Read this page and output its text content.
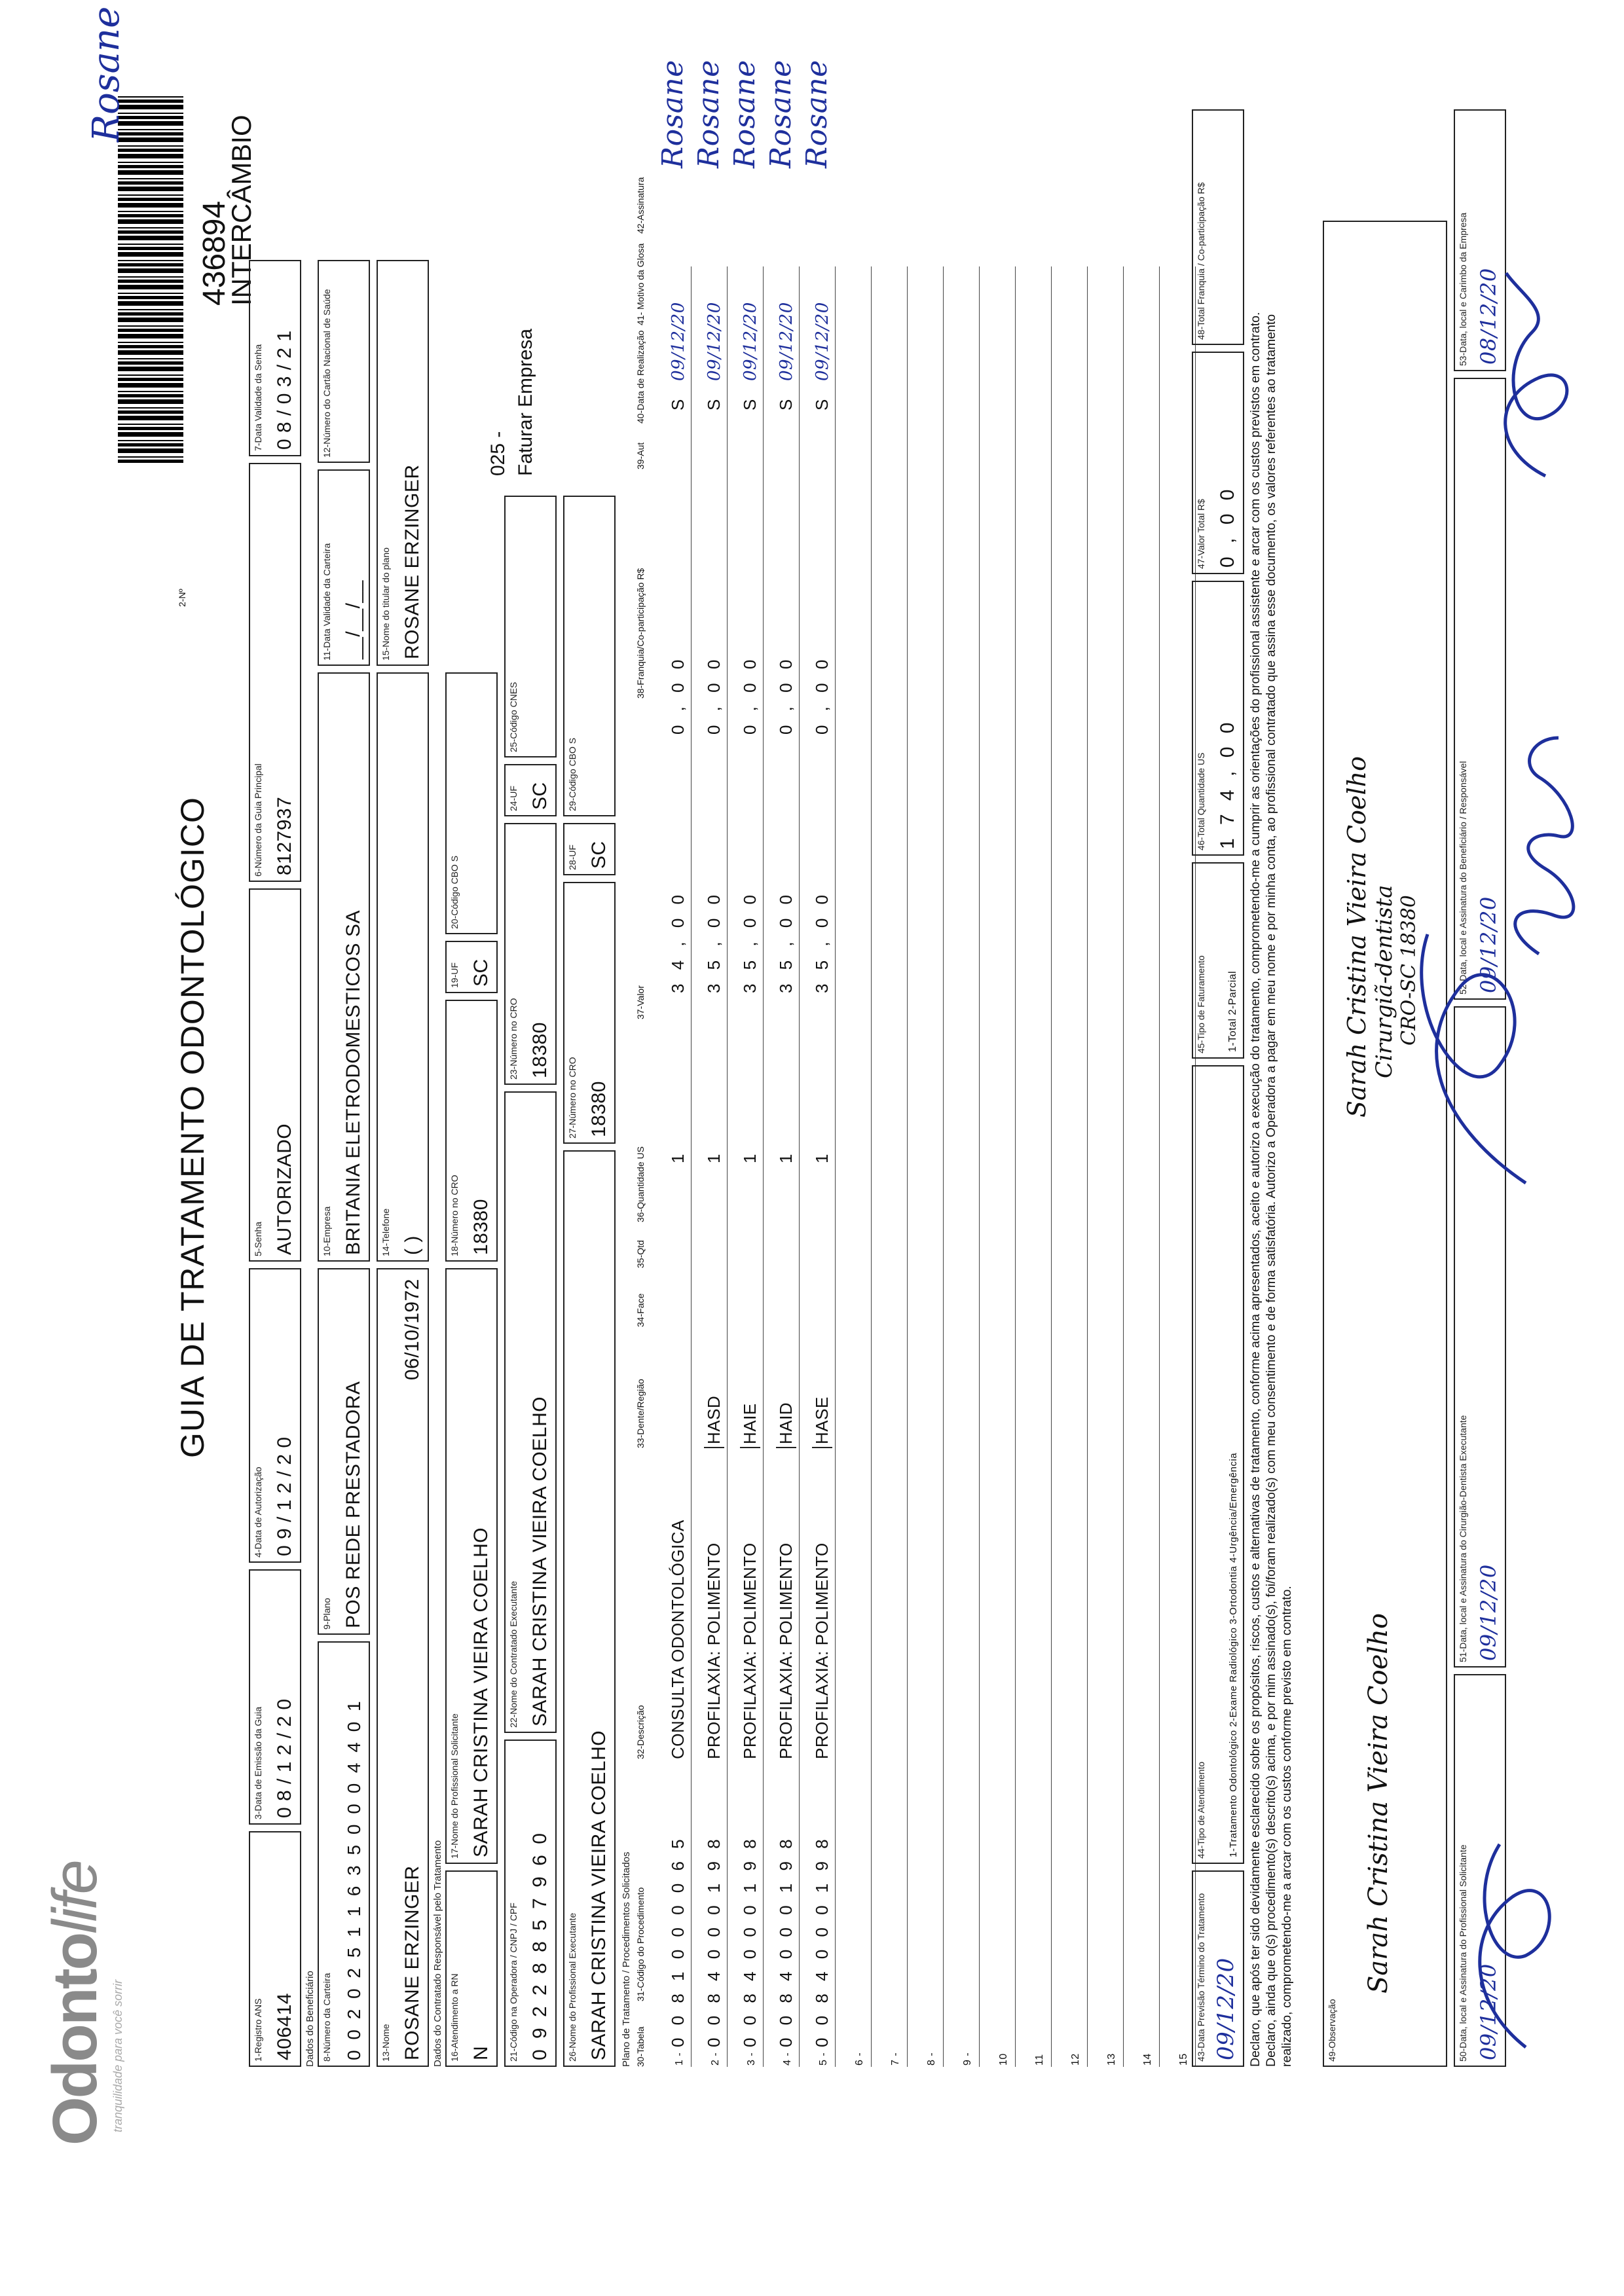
Odontolife
tranquilidade para você sorrir
GUIA DE TRATAMENTO ODONTOLÓGICO
2-Nº
436894
INTERCÂMBIO
Rosane
1-Registro ANS 406414
3-Data de Emissão da Guia 0 8 / 1 2 / 2 0
4-Data de Autorização 0 9 / 1 2 / 2 0
5-Senha AUTORIZADO
6-Número da Guia Principal 8127937
7-Data Validade da Senha 0 8 / 0 3 / 2 1
Dados do Beneficiário 8-Número da Carteira 0 0 2 0 2 5 1 1 6 3 5 0 0 0 4 4 0 1
9-Plano POS REDE PRESTADORA
10-Empresa BRITANIA ELETRODOMESTICOS SA
11-Data Validade da Carteira __/__/__
12-Número do Cartão Nacional de Saúde
13-Nome ROSANE ERZINGER
06/10/1972
14-Telefone ( )
15-Nome do titular do plano ROSANE ERZINGER
Dados do Contratado Responsável pelo Tratamento 16-Atendimento a RN N
17-Nome do Profissional Solicitante SARAH CRISTINA VIEIRA COELHO
18-Número no CRO 18380
19-UF SC
20-Código CBO S
21-Código na Operadora / CNPJ / CPF 0 9 2 2 8 8 5 7 9 6 0
22-Nome do Contratado Executante SARAH CRISTINA VIEIRA COELHO
23-Número no CRO 18380
24-UF SC
25-Código CNES
26-Nome do Profissional Executante SARAH CRISTINA VIEIRA COELHO
27-Número no CRO 18380
28-UF SC
29-Código CBO S
025 - Faturar Empresa
Plano de Tratamento / Procedimentos Solicitados 30-Tabela
31-Código do Procedimento
32-Descrição
33-Dente/Região
34-Face
35-Qtd
36-Quantidade US
37-Valor
38-Franquia/Co-participação R$
39-Aut
40-Data de Realização
41- Motivo da Glosa
42-Assinatura
1 -
0 0 8 1 0 0 0 0 6 5
CONSULTA ODONTOLÓGICA
1
3 4 , 0 0
0 , 0 0
S
09/12/20
Rosane
2 -
0 0 8 4 0 0 0 1 9 8
PROFILAXIA: POLIMENTO
HASD
1
3 5 , 0 0
0 , 0 0
S
09/12/20
Rosane
3 -
0 0 8 4 0 0 0 1 9 8
PROFILAXIA: POLIMENTO
HAIE
1
3 5 , 0 0
0 , 0 0
S
09/12/20
Rosane
4 -
0 0 8 4 0 0 0 1 9 8
PROFILAXIA: POLIMENTO
HAID
1
3 5 , 0 0
0 , 0 0
S
09/12/20
Rosane
5 -
0 0 8 4 0 0 0 1 9 8
PROFILAXIA: POLIMENTO
HASE
1
3 5 , 0 0
0 , 0 0
S
09/12/20
Rosane
6 - 7 - 8 - 9 - 10 11 12 13 14 15 43-Data Previsão Término do Tratamento 09/12/20
44-Tipo de Atendimento 1-Tratamento Odontológico 2-Exame Radiológico 3-Ortodontia 4-Urgência/Emergência
45-Tipo de Faturamento 1-Total 2-Parcial
46-Total Quantidade US 1 7 4 , 0 0
47-Valor Total R$ 0 , 0 0
48-Total Franquia / Co-participação R$
Declaro, que após ter sido devidamente esclarecido sobre os propósitos, riscos, custos e alternativas de tratamento, conforme acima apresentados, aceito e autorizo a execução do tratamento, comprometendo-me a cumprir as orientações do profissional assistente e arcar com os custos previstos em contrato. Declaro, ainda que o(s) procedimento(s) descrito(s) acima, e por mim assinado(s), foi/foram realizado(s) com meu consentimento e de forma satisfatória. Autorizo a Operadora a pagar em meu nome e por minha conta, ao profissional contratado que assina esse documento, os valores referentes ao tratamento realizado, comprometendo-me a arcar com os custos conforme previsto em contrato.	49-Observação
Sarah Cristina Vieira Coelho	50-Data, local e Assinatura do Profissional Solicitante 09/12/20
51-Data, local e Assinatura do Cirurgião-Dentista Executante 09/12/20
52-Data, local e Assinatura do Beneficiário / Responsável 09/12/20
53-Data, local e Carimbo da Empresa 08/12/20
Sarah Cristina Vieira Coelho Cirurgiã-dentista CRO-SC 18380
